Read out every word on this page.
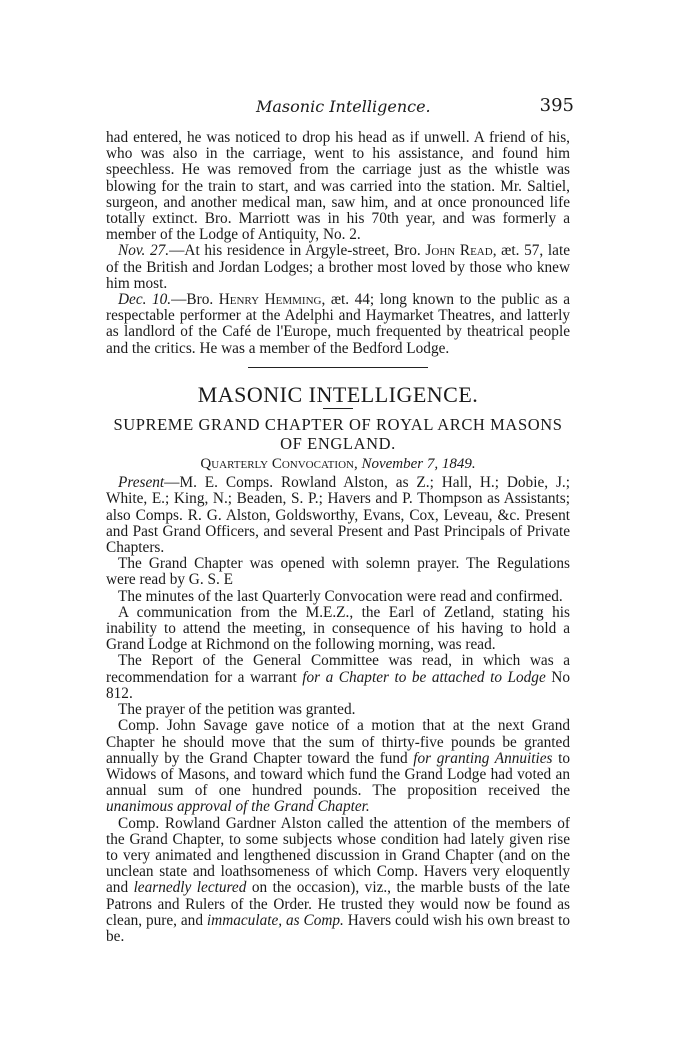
Masonic Intelligence.	395

had entered, he was noticed to drop his head as if unwell. A friend of his, who was also in the carriage, went to his assistance, and found him speechless. He was removed from the carriage just as the whistle was blowing for the train to start, and was carried into the station. Mr. Saltiel, surgeon, and another medical man, saw him, and at once pronounced life totally extinct. Bro. Marriott was in his 70th year, and was formerly a member of the Lodge of Antiquity, No. 2.

Nov. 27.—At his residence in Argyle-street, Bro. John Read, æt. 57, late of the British and Jordan Lodges; a brother most loved by those who knew him most.

Dec. 10.—Bro. Henry Hemming, æt. 44; long known to the public as a respectable performer at the Adelphi and Haymarket Theatres, and latterly as landlord of the Café de l'Europe, much frequented by theatrical people and the critics. He was a member of the Bedford Lodge.

MASONIC INTELLIGENCE.
SUPREME GRAND CHAPTER OF ROYAL ARCH MASONS OF ENGLAND.
Quarterly Convocation, November 7, 1849.

Present—M. E. Comps. Rowland Alston, as Z.; Hall, H.; Dobie, J.; White, E.; King, N.; Beaden, S. P.; Havers and P. Thompson as Assistants; also Comps. R. G. Alston, Goldsworthy, Evans, Cox, Leveau, &c. Present and Past Grand Officers, and several Present and Past Principals of Private Chapters.

The Grand Chapter was opened with solemn prayer. The Regulations were read by G. S. E

The minutes of the last Quarterly Convocation were read and confirmed.

A communication from the M.E.Z., the Earl of Zetland, stating his inability to attend the meeting, in consequence of his having to hold a Grand Lodge at Richmond on the following morning, was read.

The Report of the General Committee was read, in which was a recommendation for a warrant for a Chapter to be attached to Lodge No 812.

The prayer of the petition was granted.

Comp. John Savage gave notice of a motion that at the next Grand Chapter he should move that the sum of thirty-five pounds be granted annually by the Grand Chapter toward the fund for granting Annuities to Widows of Masons, and toward which fund the Grand Lodge had voted an annual sum of one hundred pounds. The proposition received the unanimous approval of the Grand Chapter.

Comp. Rowland Gardner Alston called the attention of the members of the Grand Chapter, to some subjects whose condition had lately given rise to very animated and lengthened discussion in Grand Chapter (and on the unclean state and loathsomeness of which Comp. Havers very eloquently and learnedly lectured on the occasion), viz., the marble busts of the late Patrons and Rulers of the Order. He trusted they would now be found as clean, pure, and immaculate, as Comp. Havers could wish his own breast to be.
